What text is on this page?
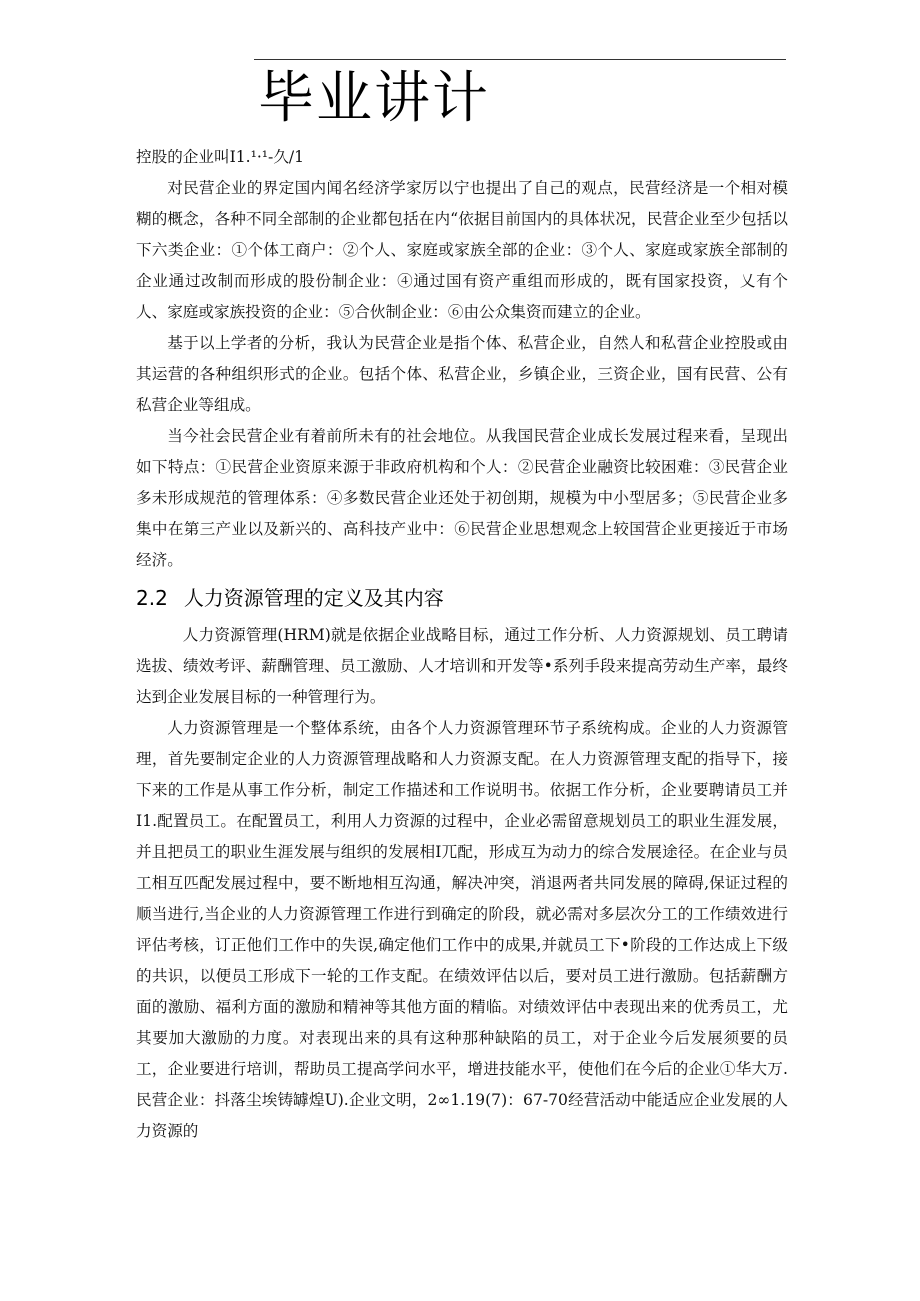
毕业讲计

控股的企业叫I1.¹·¹-久/1

对民营企业的界定国内闻名经济学家厉以宁也提出了自己的观点，民营经济是一个相对模糊的概念，各种不同全部制的企业都包括在内“依据目前国内的具体状况，民营企业至少包括以下六类企业：①个体工商户：②个人、家庭或家族全部的企业：③个人、家庭或家族全部制的企业通过改制而形成的股份制企业：④通过国有资产重组而形成的，既有国家投资，乂有个人、家庭或家族投资的企业：⑤合伙制企业：⑥由公众集资而建立的企业。

基于以上学者的分析，我认为民营企业是指个体、私营企业，自然人和私营企业控股或由其运营的各种组织形式的企业。包括个体、私营企业，乡镇企业，三资企业，国有民营、公有私营企业等组成。

当今社会民营企业有着前所未有的社会地位。从我国民营企业成长发展过程来看，呈现出如下特点：①民营企业资原来源于非政府机构和个人：②民营企业融资比较困难：③民营企业多未形成规范的管理体系：④多数民营企业还处于初创期，规模为中小型居多；⑤民营企业多集中在第三产业以及新兴的、高科技产业中：⑥民营企业思想观念上较国营企业更接近于市场经济。

2.2 人力资源管理的定义及其内容

人力资源管理(HRM)就是依据企业战略目标，通过工作分析、人力资源规划、员工聘请选拔、绩效考评、薪酬管理、员工激励、人才培训和开发等•系列手段来提高劳动生产率，最终达到企业发展目标的一种管理行为。

人力资源管理是一个整体系统，由各个人力资源管理环节子系统构成。企业的人力资源管理，首先要制定企业的人力资源管理战略和人力资源支配。在人力资源管理支配的指导下，接下来的工作是从事工作分析，制定工作描述和工作说明书。依据工作分析，企业要聘请员工并I1.配置员工。在配置员工，利用人力资源的过程中，企业必需留意规划员工的职业生涯发展，并且把员工的职业生涯发展与组织的发展相I兀配，形成互为动力的综合发展途径。在企业与员工相互匹配发展过程中，要不断地相互沟通，解决冲突，消退两者共同发展的障碍,保证过程的顺当进行,当企业的人力资源管理工作进行到确定的阶段，就必需对多层次分工的工作绩效进行评估考核，订正他们工作中的失误,确定他们工作中的成果,并就员工下•阶段的工作达成上下级的共识，以便员工形成下一轮的工作支配。在绩效评估以后，要对员工进行激励。包括薪酬方面的激励、福利方面的激励和精神等其他方面的精临。对绩效评估中表现出来的优秀员工，尤其要加大激励的力度。对表现出来的具有这种那种缺陷的员工，对于企业今后发展须要的员工，企业要进行培训，帮助员工提高学问水平，增进技能水平，使他们在今后的企业①华大万.民营企业：抖落尘埃铸罅煌U).企业文明，2∞1.19(7)：67-70经营活动中能适应企业发展的人力资源的
